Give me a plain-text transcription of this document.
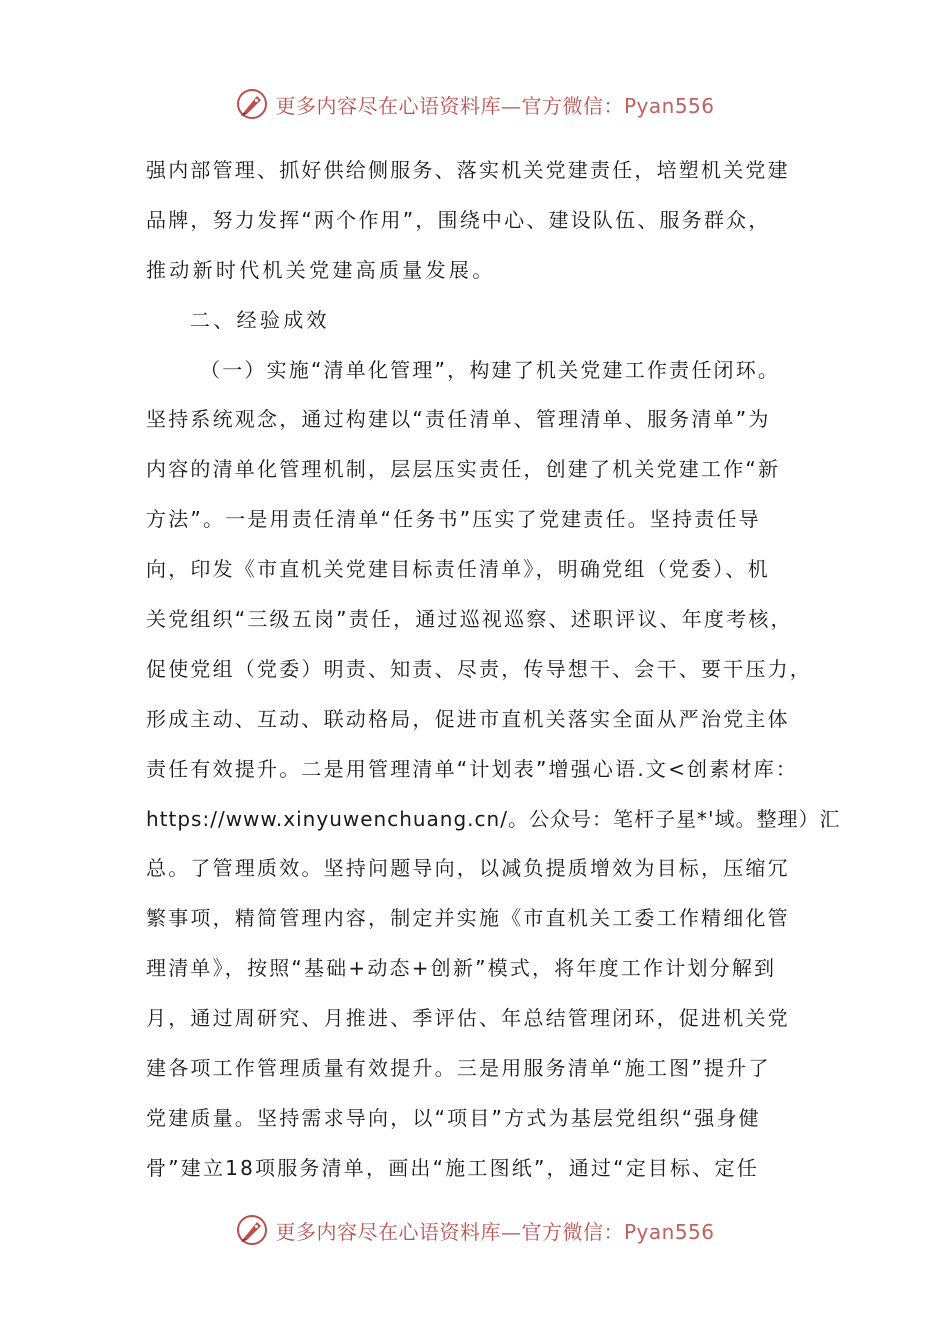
更多内容尽在心语资料库—官方微信：Pyan556
强内部管理、抓好供给侧服务、落实机关党建责任，培塑机关党建
品牌，努力发挥“两个作用”，围绕中心、建设队伍、服务群众，
推动新时代机关党建高质量发展。
二、经验成效
（一）实施“清单化管理”，构建了机关党建工作责任闭环。
坚持系统观念，通过构建以“责任清单、管理清单、服务清单”为
内容的清单化管理机制，层层压实责任，创建了机关党建工作“新
方法”。一是用责任清单“任务书”压实了党建责任。坚持责任导
向，印发《市直机关党建目标责任清单》，明确党组（党委）、机
关党组织“三级五岗”责任，通过巡视巡察、述职评议、年度考核，
促使党组（党委）明责、知责、尽责，传导想干、会干、要干压力，
形成主动、互动、联动格局，促进市直机关落实全面从严治党主体
责任有效提升。二是用管理清单“计划表”增强心语.文<创素材库：
https://www.xinyuwenchuang.cn/。公众号：笔杆子星*'域。整理）汇
总。了管理质效。坚持问题导向，以减负提质增效为目标，压缩冗
繁事项，精简管理内容，制定并实施《市直机关工委工作精细化管
理清单》，按照“基础+动态+创新”模式，将年度工作计划分解到
月，通过周研究、月推进、季评估、年总结管理闭环，促进机关党
建各项工作管理质量有效提升。三是用服务清单“施工图”提升了
党建质量。坚持需求导向，以“项目”方式为基层党组织“强身健
骨”建立18项服务清单，画出“施工图纸”，通过“定目标、定任
更多内容尽在心语资料库—官方微信：Pyan556
